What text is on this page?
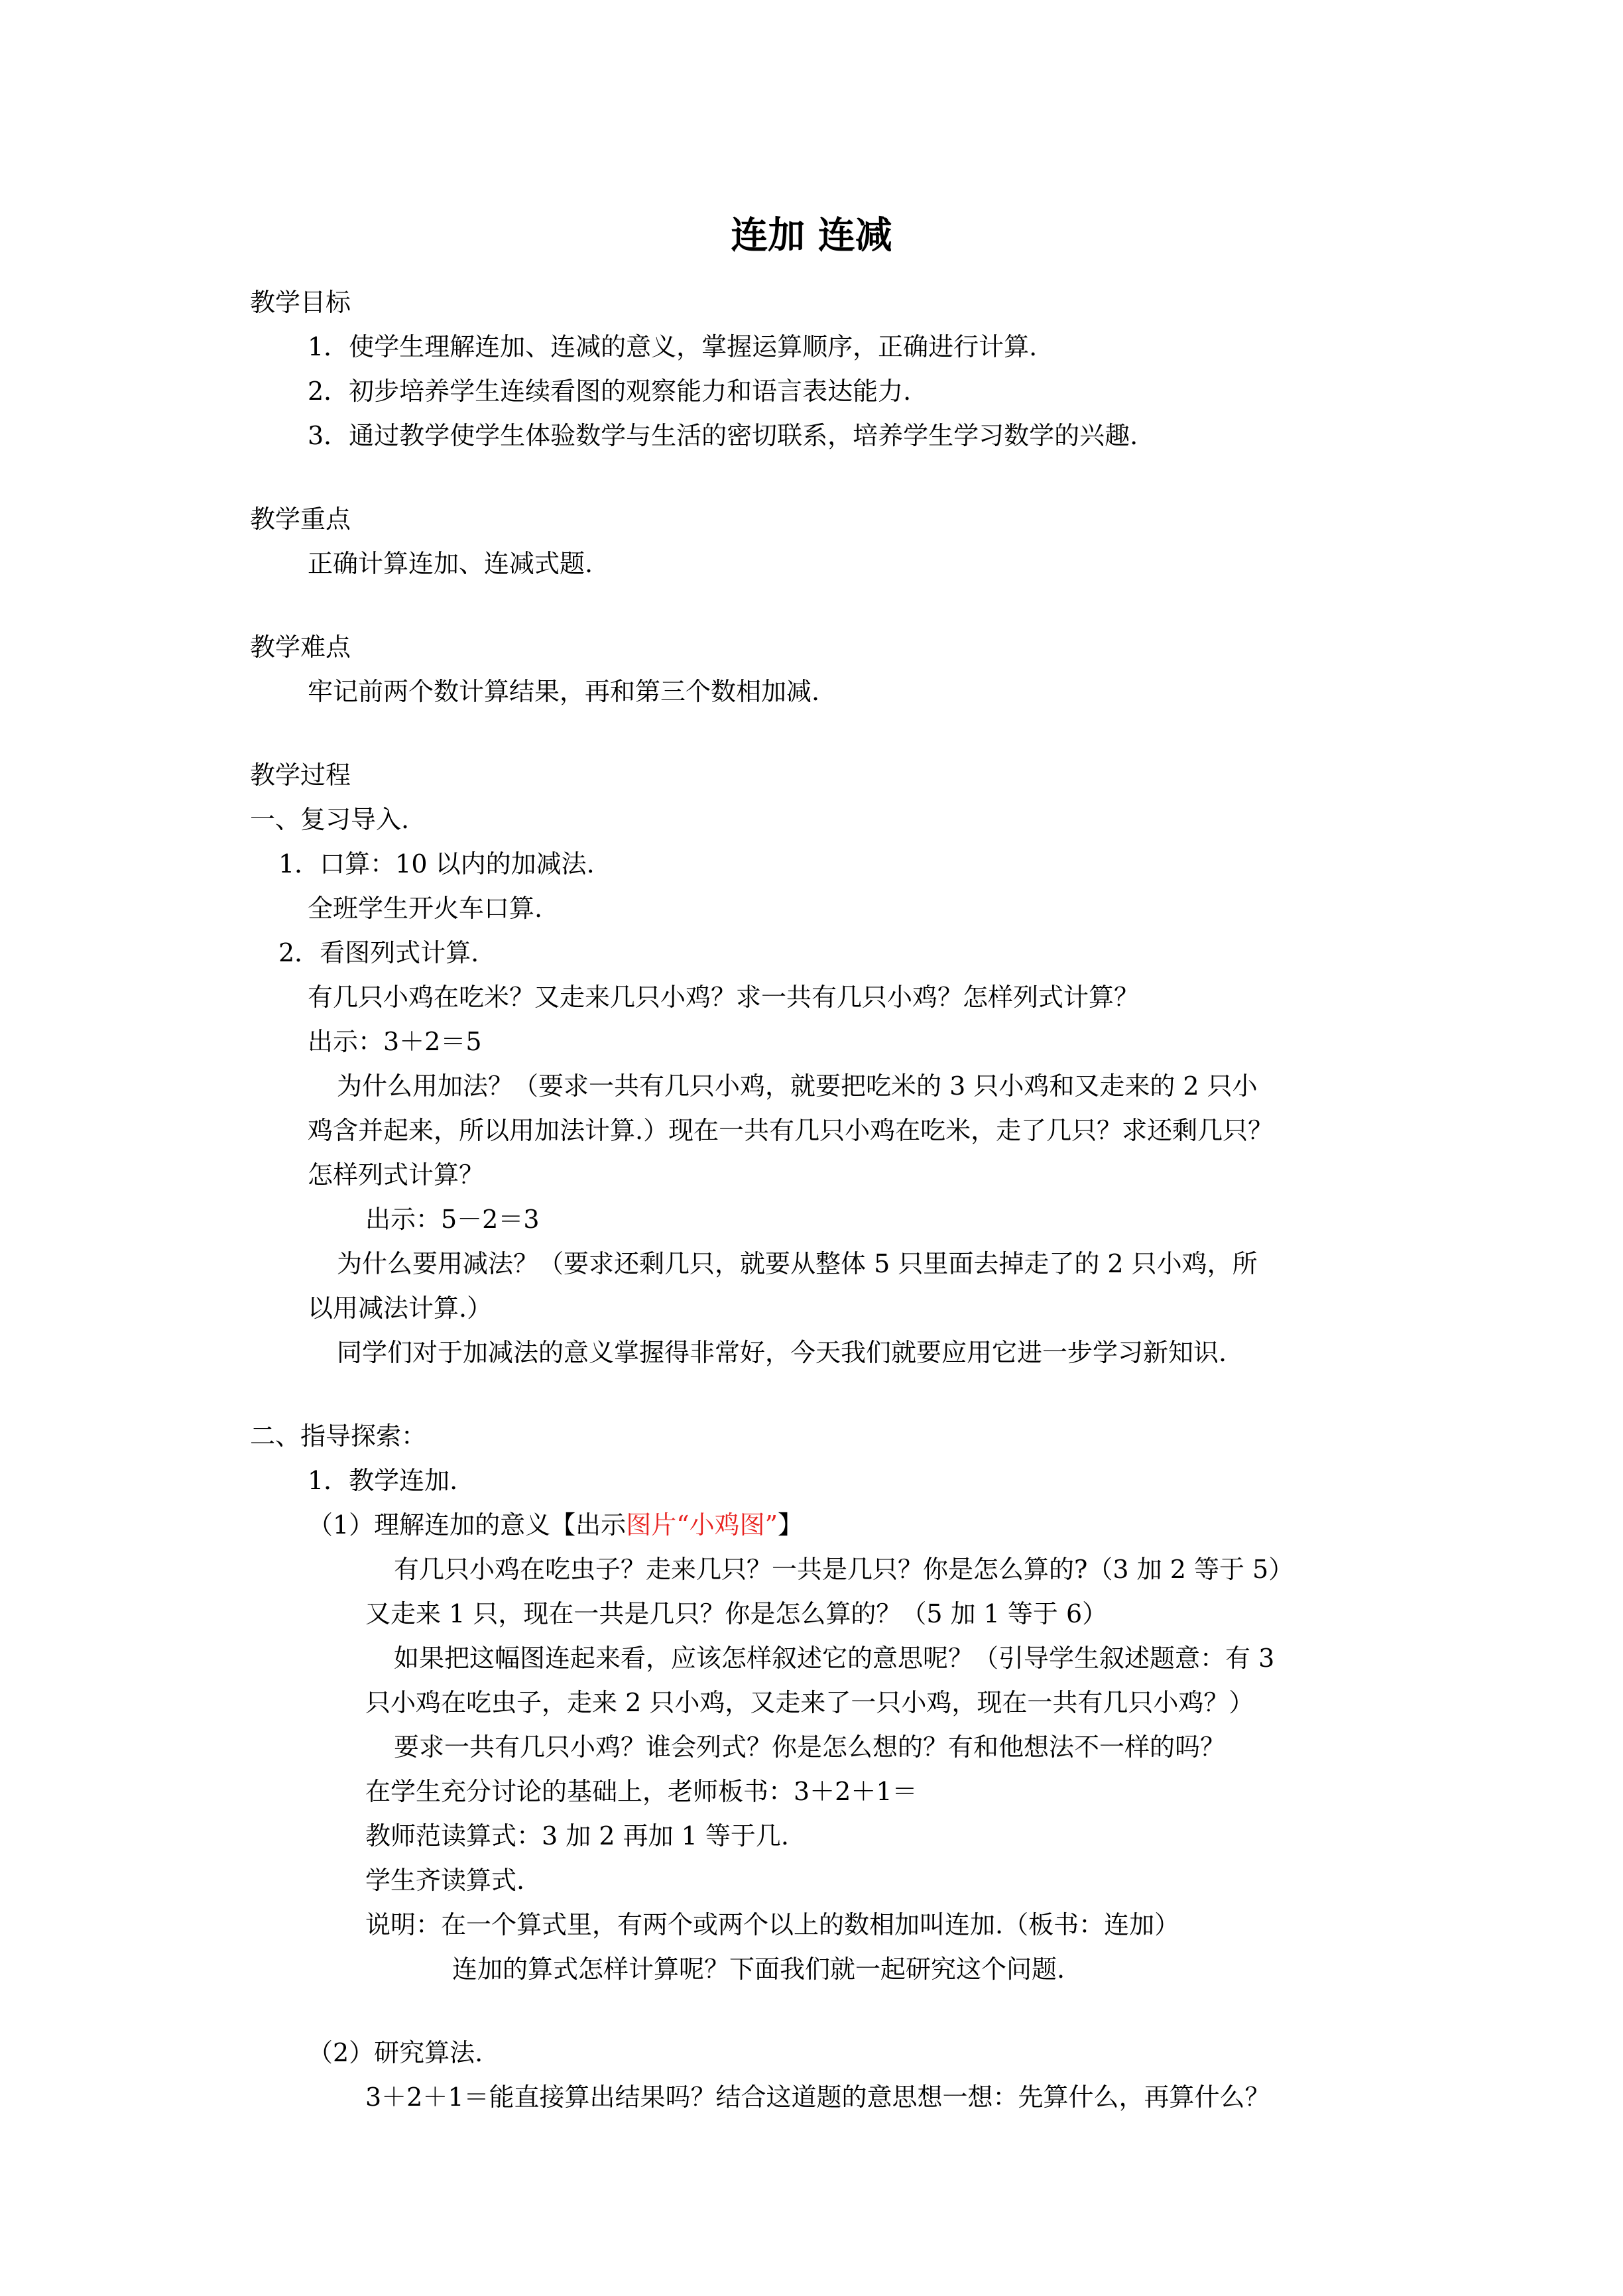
连加 连减

教学目标

1．使学生理解连加、连减的意义，掌握运算顺序，正确进行计算.

2．初步培养学生连续看图的观察能力和语言表达能力.

3．通过教学使学生体验数学与生活的密切联系，培养学生学习数学的兴趣.

教学重点

正确计算连加、连减式题.

教学难点

牢记前两个数计算结果，再和第三个数相加减.

教学过程

一、复习导入.

1．口算：10 以内的加减法.

全班学生开火车口算.

2．看图列式计算.

有几只小鸡在吃米？又走来几只小鸡？求一共有几只小鸡？怎样列式计算？

出示：3＋2＝5

为什么用加法？（要求一共有几只小鸡，就要把吃米的 3 只小鸡和又走来的 2 只小

鸡含并起来，所以用加法计算.）现在一共有几只小鸡在吃米，走了几只？求还剩几只？

怎样列式计算？

出示：5－2＝3

为什么要用减法？（要求还剩几只，就要从整体 5 只里面去掉走了的 2 只小鸡，所

以用减法计算.）

同学们对于加减法的意义掌握得非常好，今天我们就要应用它进一步学习新知识.

二、指导探索：

1．教学连加.

（1）理解连加的意义【出示图片“小鸡图”】

有几只小鸡在吃虫子？走来几只？一共是几只？你是怎么算的?（3 加 2 等于 5）

又走来 1 只，现在一共是几只？你是怎么算的？（5 加 1 等于 6）

如果把这幅图连起来看，应该怎样叙述它的意思呢？（引导学生叙述题意：有 3

只小鸡在吃虫子，走来 2 只小鸡，又走来了一只小鸡，现在一共有几只小鸡？）

要求一共有几只小鸡？谁会列式？你是怎么想的？有和他想法不一样的吗？

在学生充分讨论的基础上，老师板书：3＋2＋1＝

教师范读算式：3 加 2 再加 1 等于几.

学生齐读算式.

说明：在一个算式里，有两个或两个以上的数相加叫连加.（板书：连加）

连加的算式怎样计算呢？下面我们就一起研究这个问题.

（2）研究算法.

3＋2＋1＝能直接算出结果吗？结合这道题的意思想一想：先算什么，再算什么？
